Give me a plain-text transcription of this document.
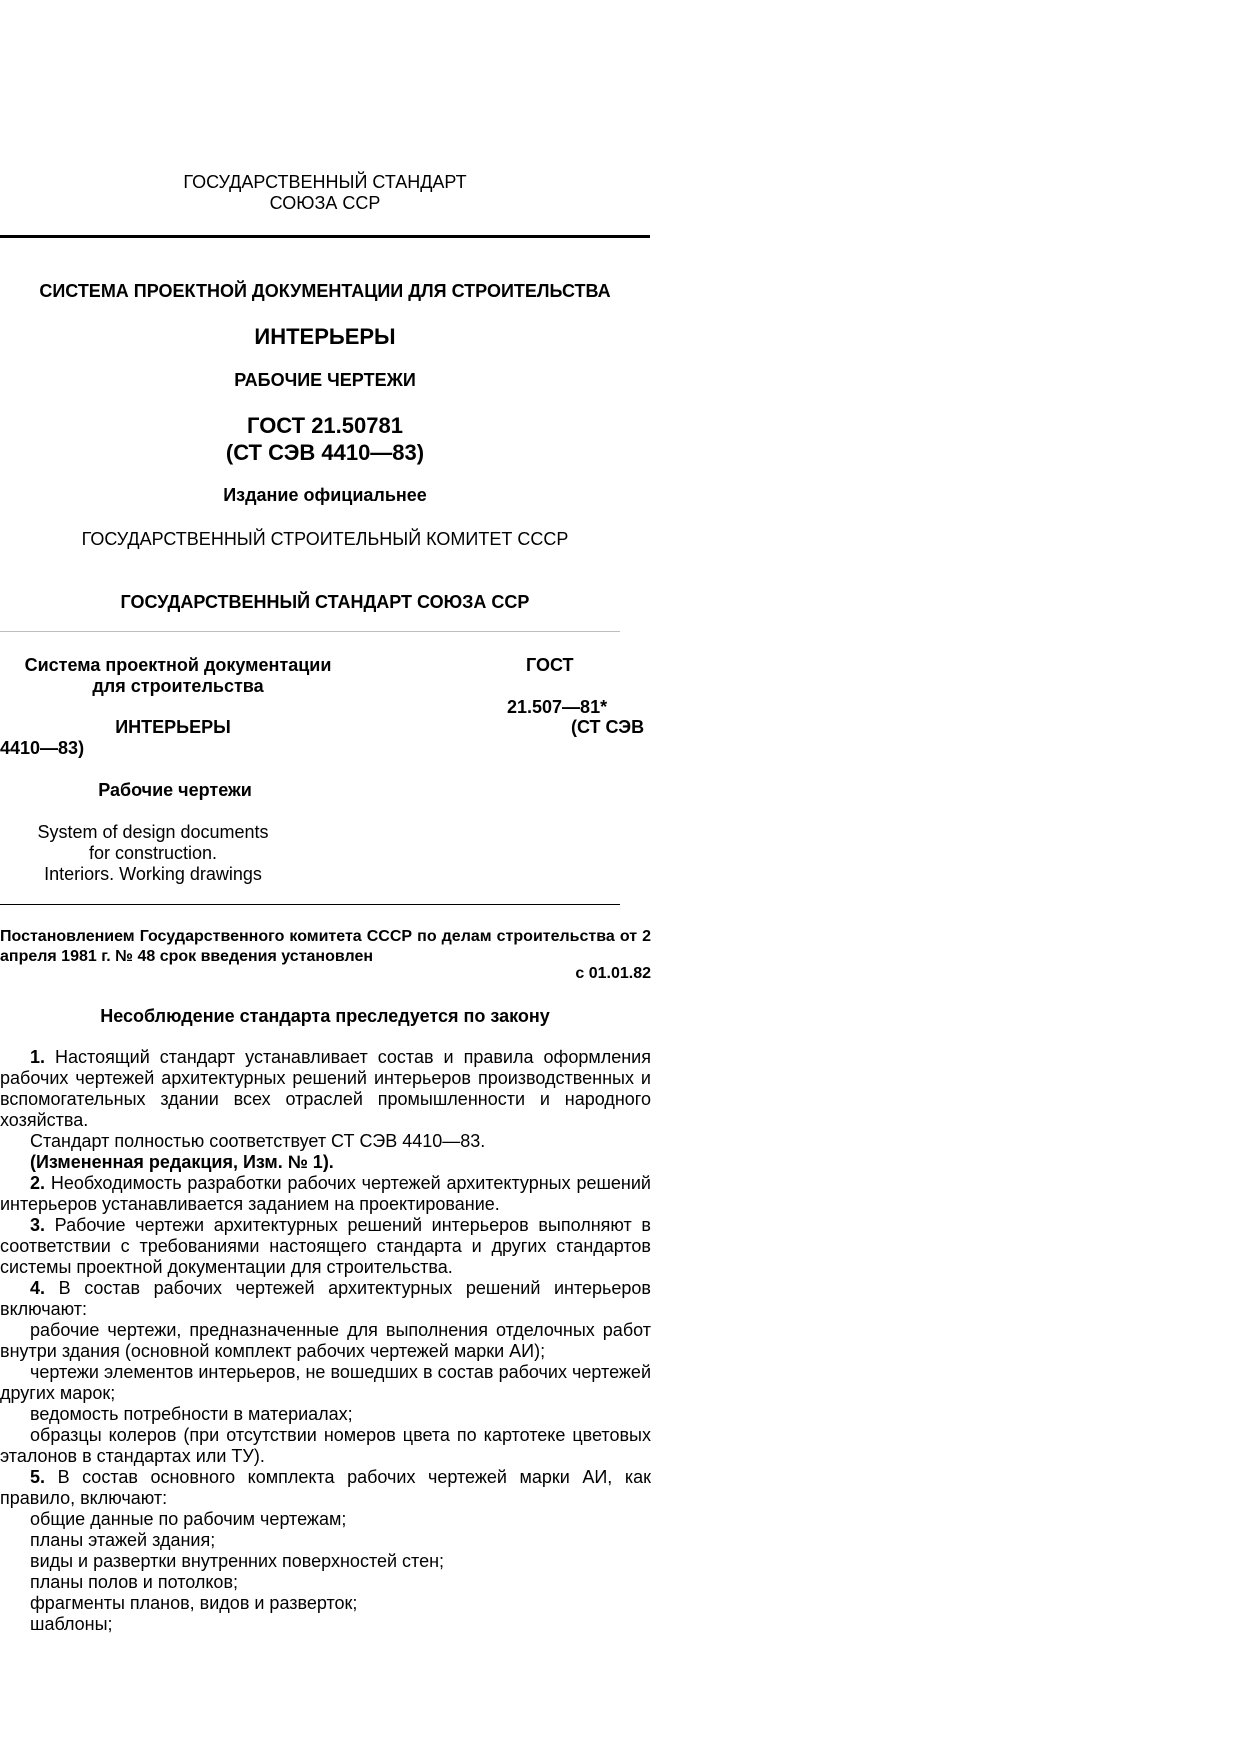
ГОСУДАРСТВЕННЫЙ СТАНДАРТ
СОЮЗА ССР
СИСТЕМА ПРОЕКТНОЙ ДОКУМЕНТАЦИИ ДЛЯ СТРОИТЕЛЬСТВА
ИНТЕРЬЕРЫ
РАБОЧИЕ ЧЕРТЕЖИ
ГОСТ 21.50781
(СТ СЭВ 4410—83)
Издание официальнее
ГОСУДАРСТВЕННЫЙ СТРОИТЕЛЬНЫЙ КОМИТЕТ СССР
ГОСУДАРСТВЕННЫЙ СТАНДАРТ СОЮЗА ССР
Система проектной документации
для строительства
ИНТЕРЬЕРЫ
4410—83)
Рабочие чертежи
System of design documents
for construction.
Interiors. Working drawings
ГОСТ
21.507—81*
(СТ СЭВ
Постановлением Государственного комитета СССР по делам строительства от 2 апреля 1981 г. № 48 срок введения установлен
с 01.01.82
Несоблюдение стандарта преследуется по закону

1. Настоящий стандарт устанавливает состав и правила оформления рабочих чертежей архитектурных решений интерьеров производственных и вспомогательных здании всех отраслей промышленности и народного хозяйства.

Стандарт полностью соответствует СТ СЭВ 4410—83.

(Измененная редакция, Изм. № 1).

2. Необходимость разработки рабочих чертежей архитектурных решений интерьеров устанавливается заданием на проектирование.

3. Рабочие чертежи архитектурных решений интерьеров выполняют в соответствии с требованиями настоящего стандарта и других стандартов системы проектной документации для строительства.

4. В состав рабочих чертежей архитектурных решений интерьеров включают:

рабочие чертежи, предназначенные для выполнения отделочных работ внутри здания (основной комплект рабочих чертежей марки АИ);

чертежи элементов интерьеров, не вошедших в состав рабочих чертежей других марок;

ведомость потребности в материалах;

образцы колеров (при отсутствии номеров цвета по картотеке цветовых эталонов в стандартах или ТУ).

5. В состав основного комплекта рабочих чертежей марки АИ, как правило, включают:

общие данные по рабочим чертежам;

планы этажей здания;

виды и развертки внутренних поверхностей стен;

планы полов и потолков;

фрагменты планов, видов и разверток;

шаблоны;
